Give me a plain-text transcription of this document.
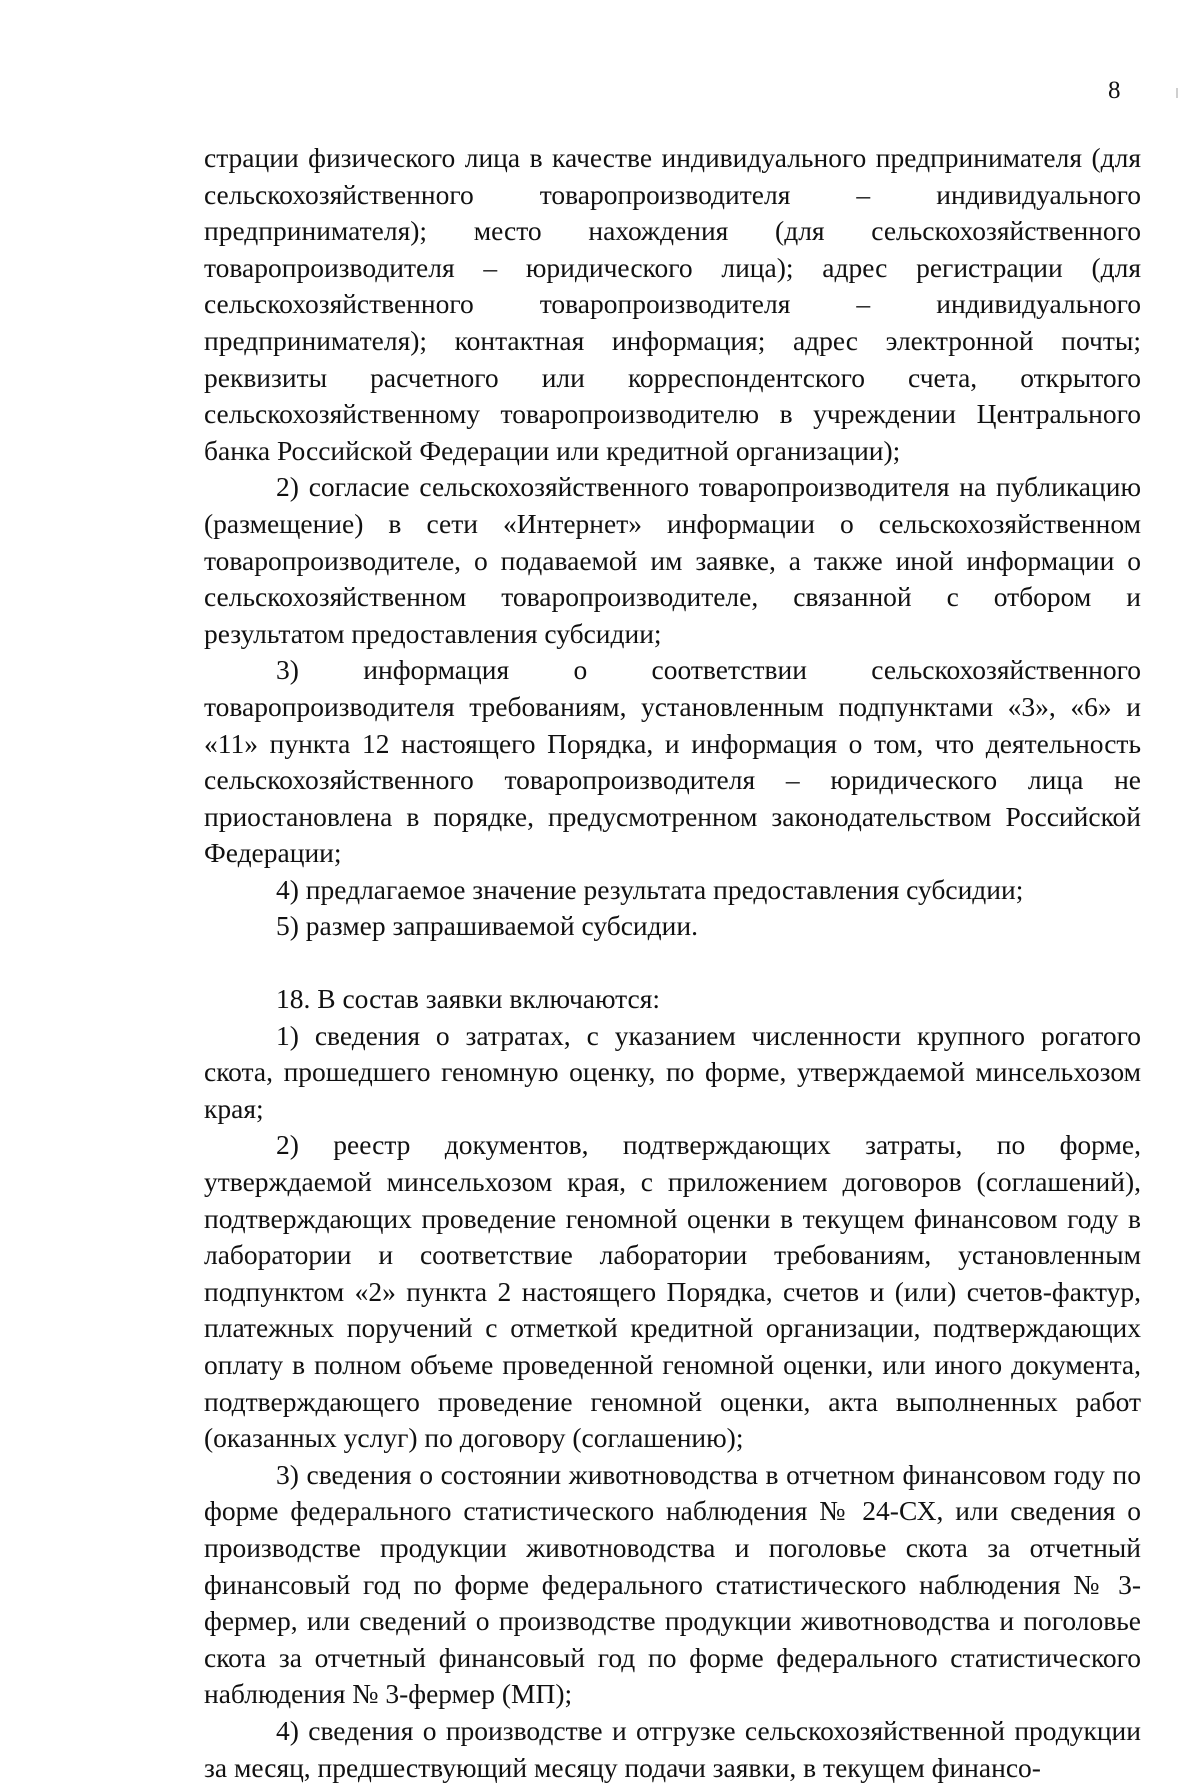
8

страции физического лица в качестве индивидуального предпринимателя (для сельскохозяйственного товаропроизводителя – индивидуального предпринимателя); место нахождения (для сельскохозяйственного товаропроизводителя – юридического лица); адрес регистрации (для сельскохозяйственного товаропроизводителя – индивидуального предпринимателя); контактная информация; адрес электронной почты; реквизиты расчетного или корреспондентского счета, открытого сельскохозяйственному товаропроизводителю в учреждении Центрального банка Российской Федерации или кредитной организации);

2) согласие сельскохозяйственного товаропроизводителя на публикацию (размещение) в сети «Интернет» информации о сельскохозяйственном товаропроизводителе, о подаваемой им заявке, а также иной информации о сельскохозяйственном товаропроизводителе, связанной с отбором и результатом предоставления субсидии;

3) информация о соответствии сельскохозяйственного товаропроизводителя требованиям, установленным подпунктами «3», «6» и «11» пункта 12 настоящего Порядка, и информация о том, что деятельность сельскохозяйственного товаропроизводителя – юридического лица не приостановлена в порядке, предусмотренном законодательством Российской Федерации;

4) предлагаемое значение результата предоставления субсидии;

5) размер запрашиваемой субсидии.

18. В состав заявки включаются:

1) сведения о затратах, с указанием численности крупного рогатого скота, прошедшего геномную оценку, по форме, утверждаемой минсельхозом края;

2) реестр документов, подтверждающих затраты, по форме, утверждаемой минсельхозом края, с приложением договоров (соглашений), подтверждающих проведение геномной оценки в текущем финансовом году в лаборатории и соответствие лаборатории требованиям, установленным подпунктом «2» пункта 2 настоящего Порядка, счетов и (или) счетов-фактур, платежных поручений с отметкой кредитной организации, подтверждающих оплату в полном объеме проведенной геномной оценки, или иного документа, подтверждающего проведение геномной оценки, акта выполненных работ (оказанных услуг) по договору (соглашению);

3) сведения о состоянии животноводства в отчетном финансовом году по форме федерального статистического наблюдения № 24-СХ, или сведения о производстве продукции животноводства и поголовье скота за отчетный финансовый год по форме федерального статистического наблюдения № 3-фермер, или сведений о производстве продукции животноводства и поголовье скота за отчетный финансовый год по форме федерального статистического наблюдения № 3-фермер (МП);

4) сведения о производстве и отгрузке сельскохозяйственной продукции за месяц, предшествующий месяцу подачи заявки, в текущем финансо-
